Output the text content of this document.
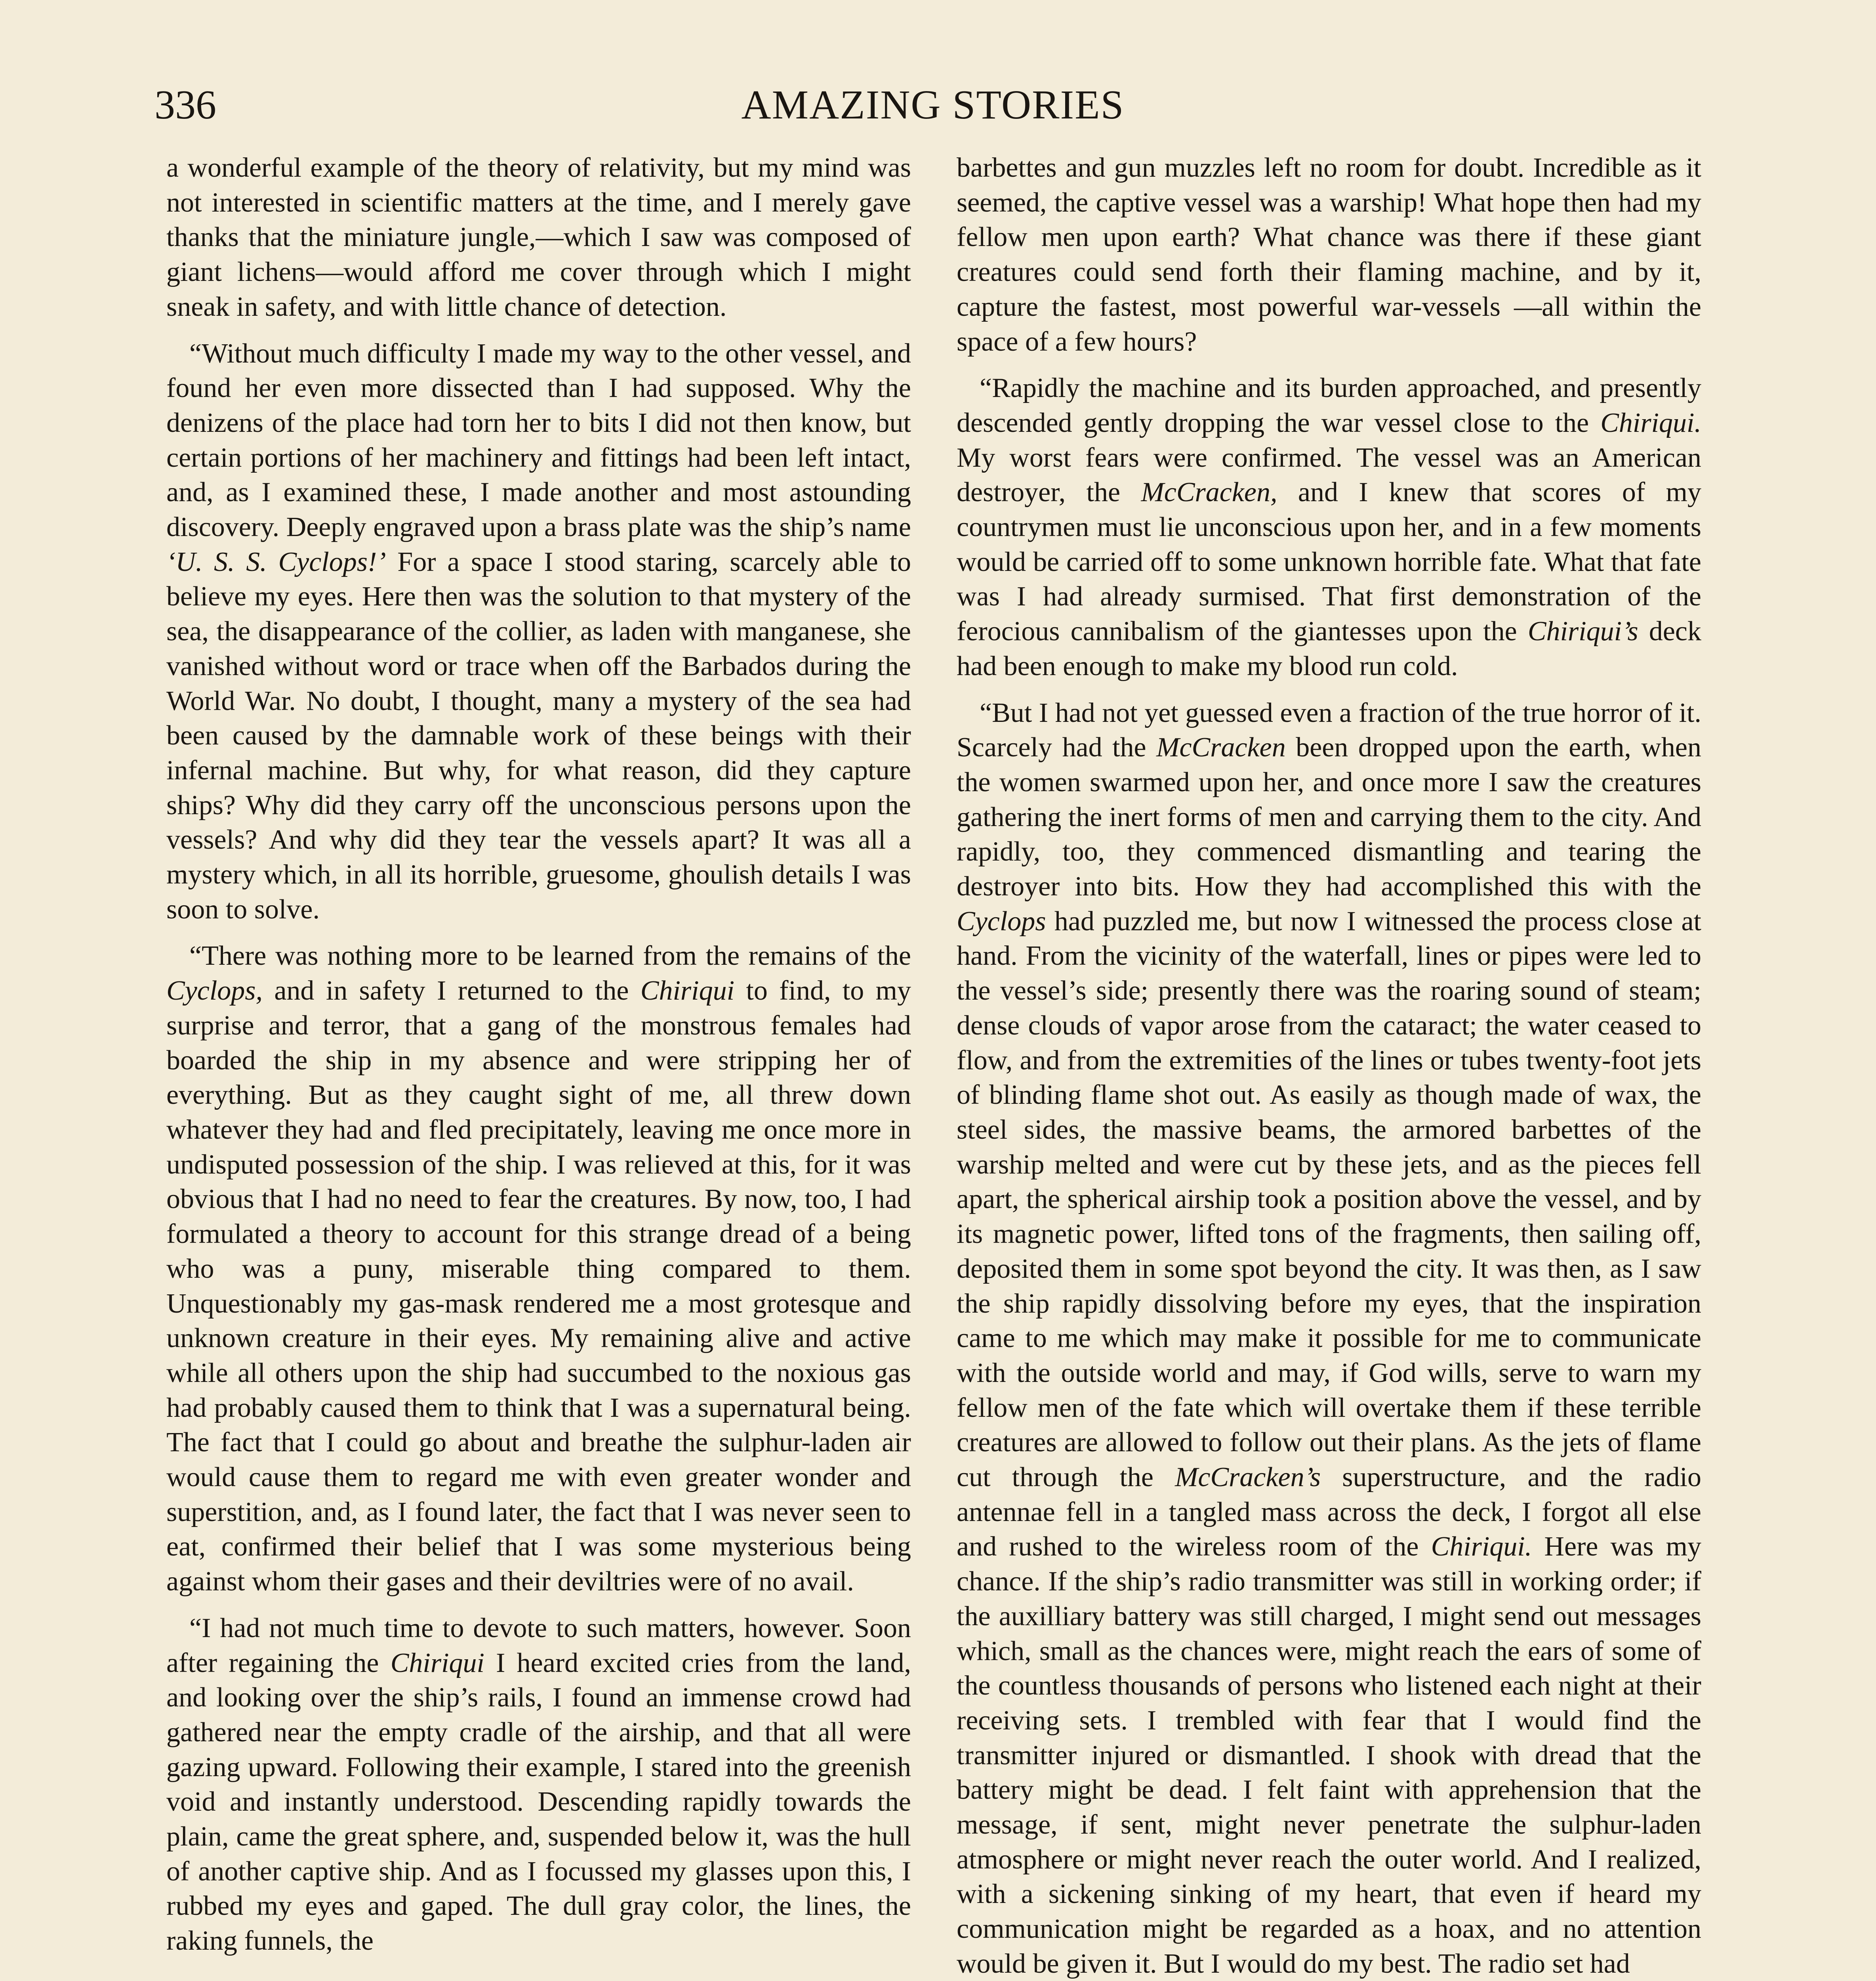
336	AMAZING STORIES

a wonderful example of the theory of relativity, but my mind was not interested in scientific matters at the time, and I merely gave thanks that the miniature jungle,—which I saw was composed of giant lichens—would afford me cover through which I might sneak in safety, and with little chance of detection.

“Without much difficulty I made my way to the other vessel, and found her even more dissected than I had supposed. Why the denizens of the place had torn her to bits I did not then know, but certain portions of her machinery and fittings had been left intact, and, as I examined these, I made another and most astounding discovery. Deeply engraved upon a brass plate was the ship’s name ‘U. S. S. Cyclops!’ For a space I stood staring, scarcely able to believe my eyes. Here then was the solution to that mystery of the sea, the disappearance of the collier, as laden with manganese, she vanished without word or trace when off the Barbados during the World War. No doubt, I thought, many a mystery of the sea had been caused by the damnable work of these beings with their infernal machine. But why, for what reason, did they capture ships? Why did they carry off the unconscious persons upon the vessels? And why did they tear the vessels apart? It was all a mystery which, in all its horrible, gruesome, ghoulish details I was soon to solve.

“There was nothing more to be learned from the remains of the Cyclops, and in safety I returned to the Chiriqui to find, to my surprise and terror, that a gang of the monstrous females had boarded the ship in my absence and were stripping her of everything. But as they caught sight of me, all threw down whatever they had and fled precipitately, leaving me once more in undisputed possession of the ship. I was relieved at this, for it was obvious that I had no need to fear the creatures. By now, too, I had formulated a theory to account for this strange dread of a being who was a puny, miserable thing compared to them. Unquestionably my gas-mask rendered me a most grotesque and unknown creature in their eyes. My remaining alive and active while all others upon the ship had succumbed to the noxious gas had probably caused them to think that I was a supernatural being. The fact that I could go about and breathe the sulphur-laden air would cause them to regard me with even greater wonder and superstition, and, as I found later, the fact that I was never seen to eat, confirmed their belief that I was some mysterious being against whom their gases and their deviltries were of no avail.

“I had not much time to devote to such matters, however. Soon after regaining the Chiriqui I heard excited cries from the land, and looking over the ship’s rails, I found an immense crowd had gathered near the empty cradle of the airship, and that all were gazing upward. Following their example, I stared into the greenish void and instantly understood. Descending rapidly towards the plain, came the great sphere, and, suspended below it, was the hull of another captive ship. And as I focussed my glasses upon this, I rubbed my eyes and gaped. The dull gray color, the lines, the raking funnels, the

barbettes and gun muzzles left no room for doubt. Incredible as it seemed, the captive vessel was a warship! What hope then had my fellow men upon earth? What chance was there if these giant creatures could send forth their flaming machine, and by it, capture the fastest, most powerful war-vessels —all within the space of a few hours?

“Rapidly the machine and its burden approached, and presently descended gently dropping the war vessel close to the Chiriqui. My worst fears were confirmed. The vessel was an American destroyer, the McCracken, and I knew that scores of my countrymen must lie unconscious upon her, and in a few moments would be carried off to some unknown horrible fate. What that fate was I had already surmised. That first demonstration of the ferocious cannibalism of the giantesses upon the Chiriqui’s deck had been enough to make my blood run cold.

“But I had not yet guessed even a fraction of the true horror of it. Scarcely had the McCracken been dropped upon the earth, when the women swarmed upon her, and once more I saw the creatures gathering the inert forms of men and carrying them to the city. And rapidly, too, they commenced dismantling and tearing the destroyer into bits. How they had accomplished this with the Cyclops had puzzled me, but now I witnessed the process close at hand. From the vicinity of the waterfall, lines or pipes were led to the vessel’s side; presently there was the roaring sound of steam; dense clouds of vapor arose from the cataract; the water ceased to flow, and from the extremities of the lines or tubes twenty-foot jets of blinding flame shot out. As easily as though made of wax, the steel sides, the massive beams, the armored barbettes of the warship melted and were cut by these jets, and as the pieces fell apart, the spherical airship took a position above the vessel, and by its magnetic power, lifted tons of the fragments, then sailing off, deposited them in some spot beyond the city. It was then, as I saw the ship rapidly dissolving before my eyes, that the inspiration came to me which may make it possible for me to communicate with the outside world and may, if God wills, serve to warn my fellow men of the fate which will overtake them if these terrible creatures are allowed to follow out their plans. As the jets of flame cut through the McCracken’s superstructure, and the radio antennae fell in a tangled mass across the deck, I forgot all else and rushed to the wireless room of the Chiriqui. Here was my chance. If the ship’s radio transmitter was still in working order; if the auxilliary battery was still charged, I might send out messages which, small as the chances were, might reach the ears of some of the countless thousands of persons who listened each night at their receiving sets. I trembled with fear that I would find the transmitter injured or dismantled. I shook with dread that the battery might be dead. I felt faint with apprehension that the message, if sent, might never penetrate the sulphur-laden atmosphere or might never reach the outer world. And I realized, with a sickening sinking of my heart, that even if heard my communication might be regarded as a hoax, and no attention would be given it. But I would do my best. The radio set had
